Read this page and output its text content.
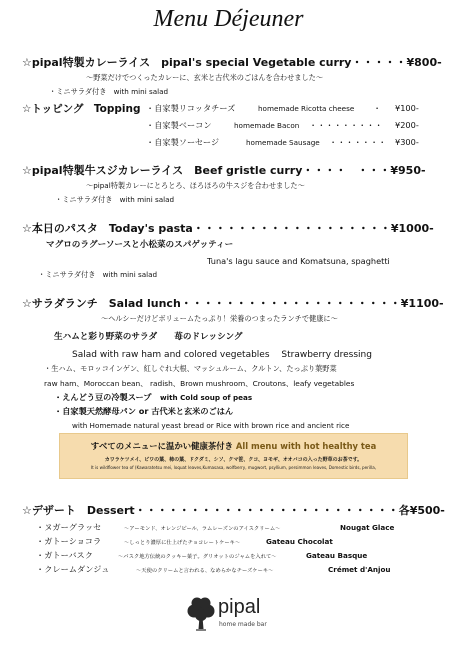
Menu Déjeuner
☆pipal特製カレーライス　pipal's special Vegetable curry・・・・・¥800-
〜野菜だけでつくったカレーに、玄米と古代米のごはんを合わせました〜
・ミニサラダ付き　with mini salad
☆トッピング　Topping ・自家製リコッタチーズ	homemade Ricotta cheese ・ ¥100-
・自家製ベーコン	homemade Bacon ・・・・・・・・・ ¥200-
・自家製ソーセージ	homemade Sausage ・・・・・・・ ¥300-
☆pipal特製牛スジカレーライス　Beef gristle curry・・・・　・・・¥950-
〜pipal特製カレーにとろとろ、ほろほろの牛スジを合わせました〜
・ミニサラダ付き　with mini salad
☆本日のパスタ　Today's pasta・・・・・・・・・・・・・・・・・・¥1000-
マグロのラグーソースと小松菜のスパゲッティー
Tuna's lagu sauce and Komatsuna, spaghetti
・ミニサラダ付き　with mini salad
☆サラダランチ　Salad lunch・・・・・・・・・・・・・・・・・・・・¥1100-
〜ヘルシーだけどボリュームたっぷり！栄養のつまったランチで健康に〜
生ハムと彩り野菜のサラダ　　苺のドレッシング
Salad with raw ham and colored vegetables　 Strawberry dressing
・生ハム、モロッコインゲン、紅しぐれ大根、マッシュルーム、クルトン、たっぷり葉野菜
raw ham、Moroccan bean、 radish、Brown mushroom、Croutons、leafy vegetables
・えんどう豆の冷製スープ with Cold soup of peas
・自家製天然酵母パン or 古代米と玄米のごはん
with Homemade natural yeast bread or Rice with brown rice and ancient rice
すべてのメニューに温かい健康茶付き All menu with hot healthy tea
カワラケツメイ、ビワの葉、柿の葉、ドクダミ、シソ、クマ笹、クコ、ヨモギ、オオバコの入った野草のお茶です。
It is wildflower tea of (Kawaratetsu mei, loquat leaves,Kumasasa, wolfberry, mugwort, psyllium, persimmon leaves, Domestic birds, perilla,
☆デザート　Dessert・・・・・・・・・・・・・・・・・・・・・・・・各¥500-
・ヌガーグラッセ	〜アーモンド、オレンジピール、ラムレーズンのアイスクリーム〜	Nougat Glace
・ガトーショコラ	〜しっとり濃厚に仕上げたチョコレートケーキ〜	Gateau Chocolat
・ガトーバスク	〜バスク地方伝統のクッキー菓子。グリオットのジャムを入れて〜	Gateau Basque
・クレームダンジュ	〜天使のクリームと言われる、なめらかなチーズケーキ〜	Crémet d'Anjou
pipal
home made bar
